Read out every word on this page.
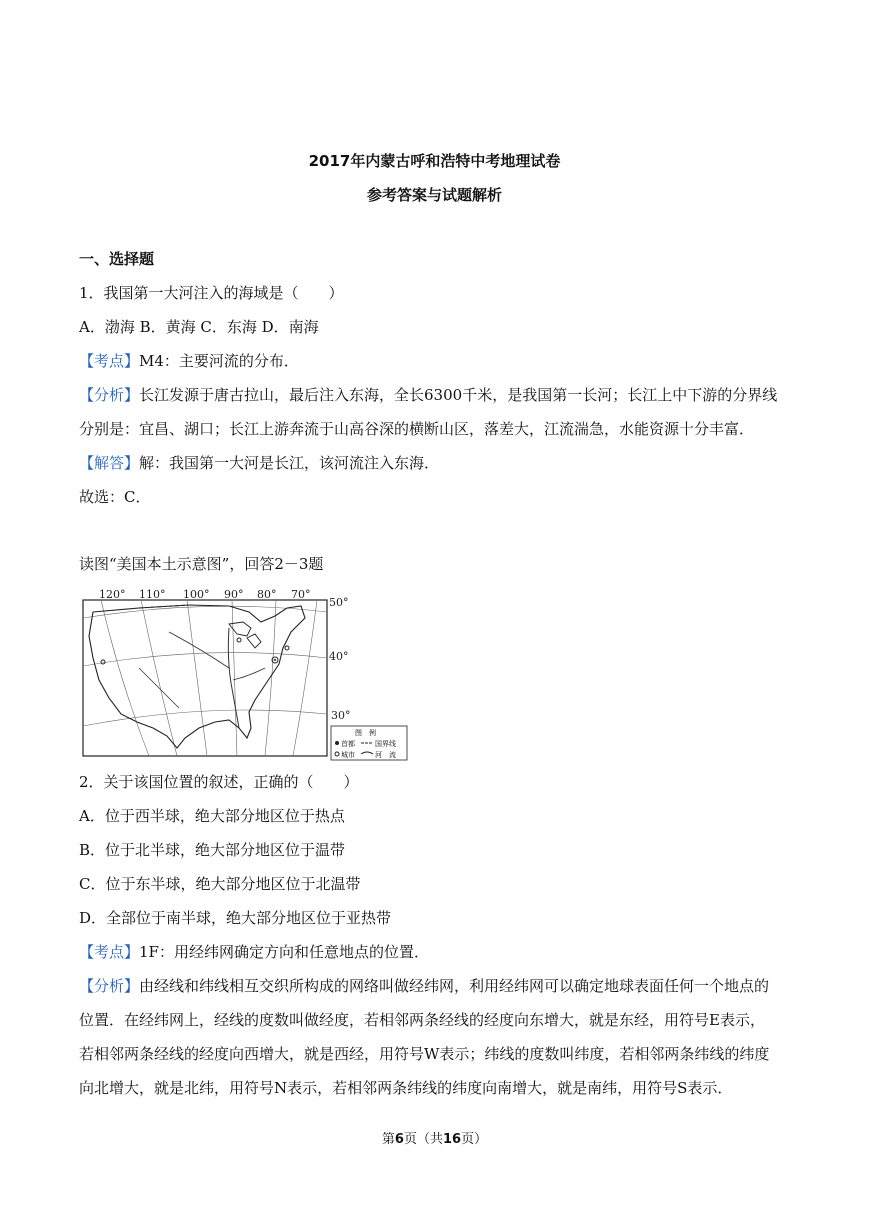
2017年内蒙古呼和浩特中考地理试卷
参考答案与试题解析
一、选择题
1．我国第一大河注入的海域是（　　）
A．渤海 B．黄海 C．东海 D．南海
【考点】M4：主要河流的分布．
【分析】长江发源于唐古拉山，最后注入东海，全长6300千米，是我国第一长河；长江上中下游的分界线
分别是：宜昌、湖口；长江上游奔流于山高谷深的横断山区，落差大，江流湍急，水能资源十分丰富．
【解答】解：我国第一大河是长江，该河流注入东海．
故选：C．
读图“美国本土示意图”，回答2－3题
120° 110° 100° 90° 80° 70°
50°
40°
30°
图　例
首都	国界线
城市	河　流
2．关于该国位置的叙述，正确的（　　）
A．位于西半球，绝大部分地区位于热点
B．位于北半球，绝大部分地区位于温带
C．位于东半球，绝大部分地区位于北温带
D．全部位于南半球，绝大部分地区位于亚热带
【考点】1F：用经纬网确定方向和任意地点的位置．
【分析】由经线和纬线相互交织所构成的网络叫做经纬网，利用经纬网可以确定地球表面任何一个地点的
位置．在经纬网上，经线的度数叫做经度，若相邻两条经线的经度向东增大，就是东经，用符号E表示，
若相邻两条经线的经度向西增大，就是西经，用符号W表示；纬线的度数叫纬度，若相邻两条纬线的纬度
向北增大，就是北纬，用符号N表示，若相邻两条纬线的纬度向南增大，就是南纬，用符号S表示．
第6页（共16页）
